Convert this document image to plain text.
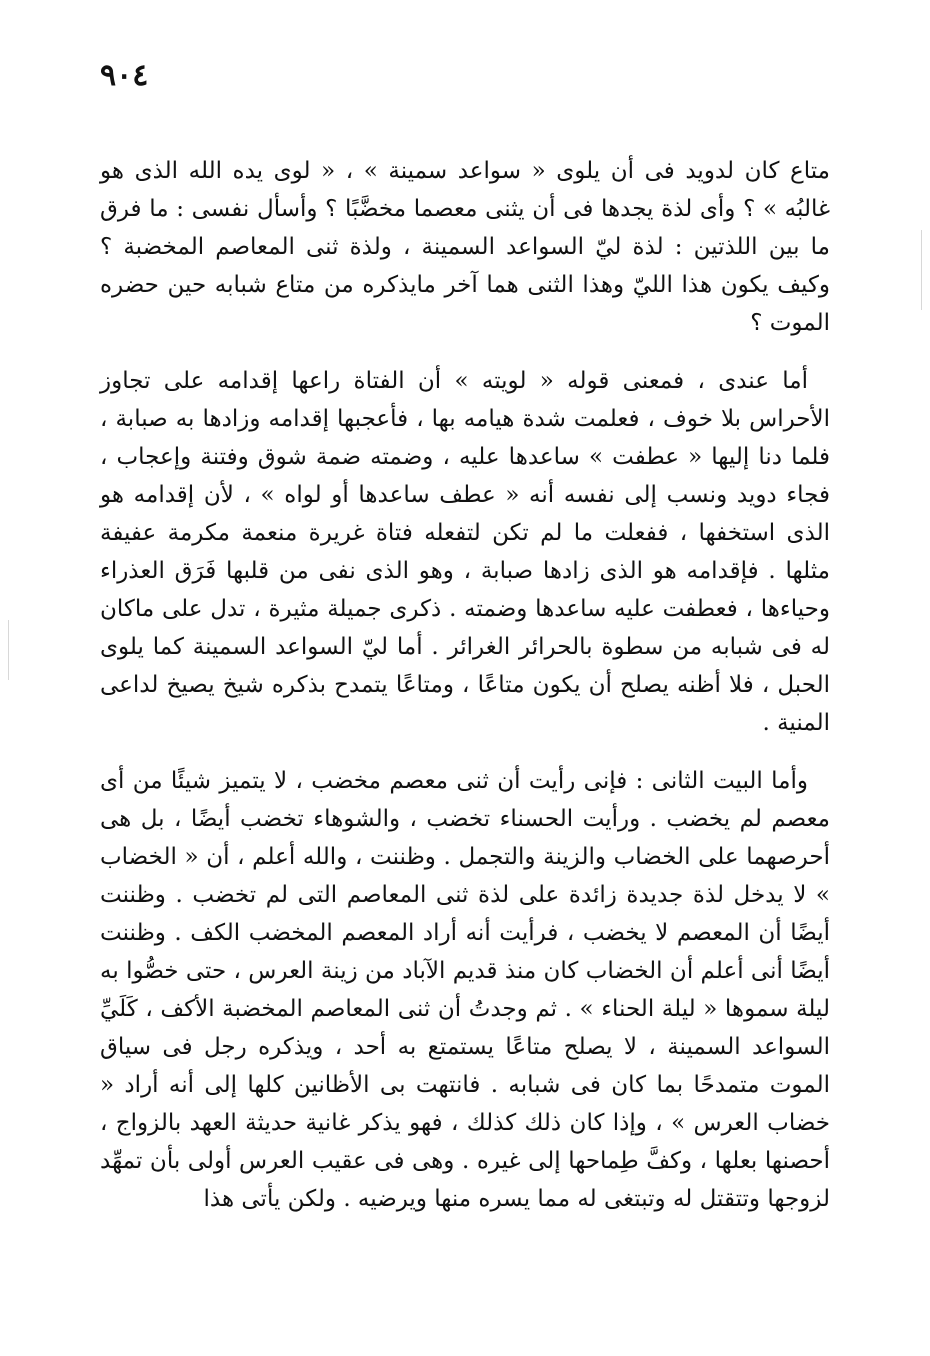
٩٠٤

متاع كان لدويد فى أن يلوى « سواعد سمينة » ، « لوى يده الله الذى هو غالبُه » ؟ وأى لذة يجدها فى أن يثنى معصما مخضَّبًا ؟ وأسأل نفسى : ما فرق ما بين اللذتين : لذة ليّ السواعد السمينة ، ولذة ثنى المعاصم المخضبة ؟ وكيف يكون هذا الليّ وهذا الثنى هما آخر مايذكره من متاع شبابه حين حضره الموت ؟

أما عندى ، فمعنى قوله « لويته » أن الفتاة راعها إقدامه على تجاوز الأحراس بلا خوف ، فعلمت شدة هيامه بها ، فأعجبها إقدامه وزادها به صبابة ، فلما دنا إليها « عطفت » ساعدها عليه ، وضمته ضمة شوق وفتنة وإعجاب ، فجاء دويد ونسب إلى نفسه أنه « عطف ساعدها أو لواه » ، لأن إقدامه هو الذى استخفها ، ففعلت ما لم تكن لتفعله فتاة غريرة منعمة مكرمة عفيفة مثلها . فإقدامه هو الذى زادها صبابة ، وهو الذى نفى من قلبها فَرَق العذراء وحياءها ، فعطفت عليه ساعدها وضمته . ذكرى جميلة مثيرة ، تدل على ماكان له فى شبابه من سطوة بالحرائر الغرائر . أما ليّ السواعد السمينة كما يلوى الحبل ، فلا أظنه يصلح أن يكون متاعًا ، ومتاعًا يتمدح بذكره شيخ يصيخ لداعى المنية .

وأما البيت الثانى : فإنى رأيت أن ثنى معصم مخضب ، لا يتميز شيئًا من أى معصم لم يخضب . ورأيت الحسناء تخضب ، والشوهاء تخضب أيضًا ، بل هى أحرصهما على الخضاب والزينة والتجمل . وظننت ، والله أعلم ، أن « الخضاب » لا يدخل لذة جديدة زائدة على لذة ثنى المعاصم التى لم تخضب . وظننت أيضًا أن المعصم لا يخضب ، فرأيت أنه أراد المعصم المخضب الكف . وظننت أيضًا أنى أعلم أن الخضاب كان منذ قديم الآباد من زينة العرس ، حتى خصُّوا به ليلة سموها « ليلة الحناء » . ثم وجدتُ أن ثنى المعاصم المخضبة الأكف ، كَلَيِّ السواعد السمينة ، لا يصلح متاعًا يستمتع به أحد ، ويذكره رجل فى سياق الموت متمدحًا بما كان فى شبابه . فانتهت بى الأظانين كلها إلى أنه أراد « خضاب العرس » ، وإذا كان ذلك كذلك ، فهو يذكر غانية حديثة العهد بالزواج ، أحصنها بعلها ، وكفَّ طِماحها إلى غيره . وهى فى عقيب العرس أولى بأن تمهِّد لزوجها وتتقتل له وتبتغى له مما يسره منها ويرضيه . ولكن يأتى هذا
